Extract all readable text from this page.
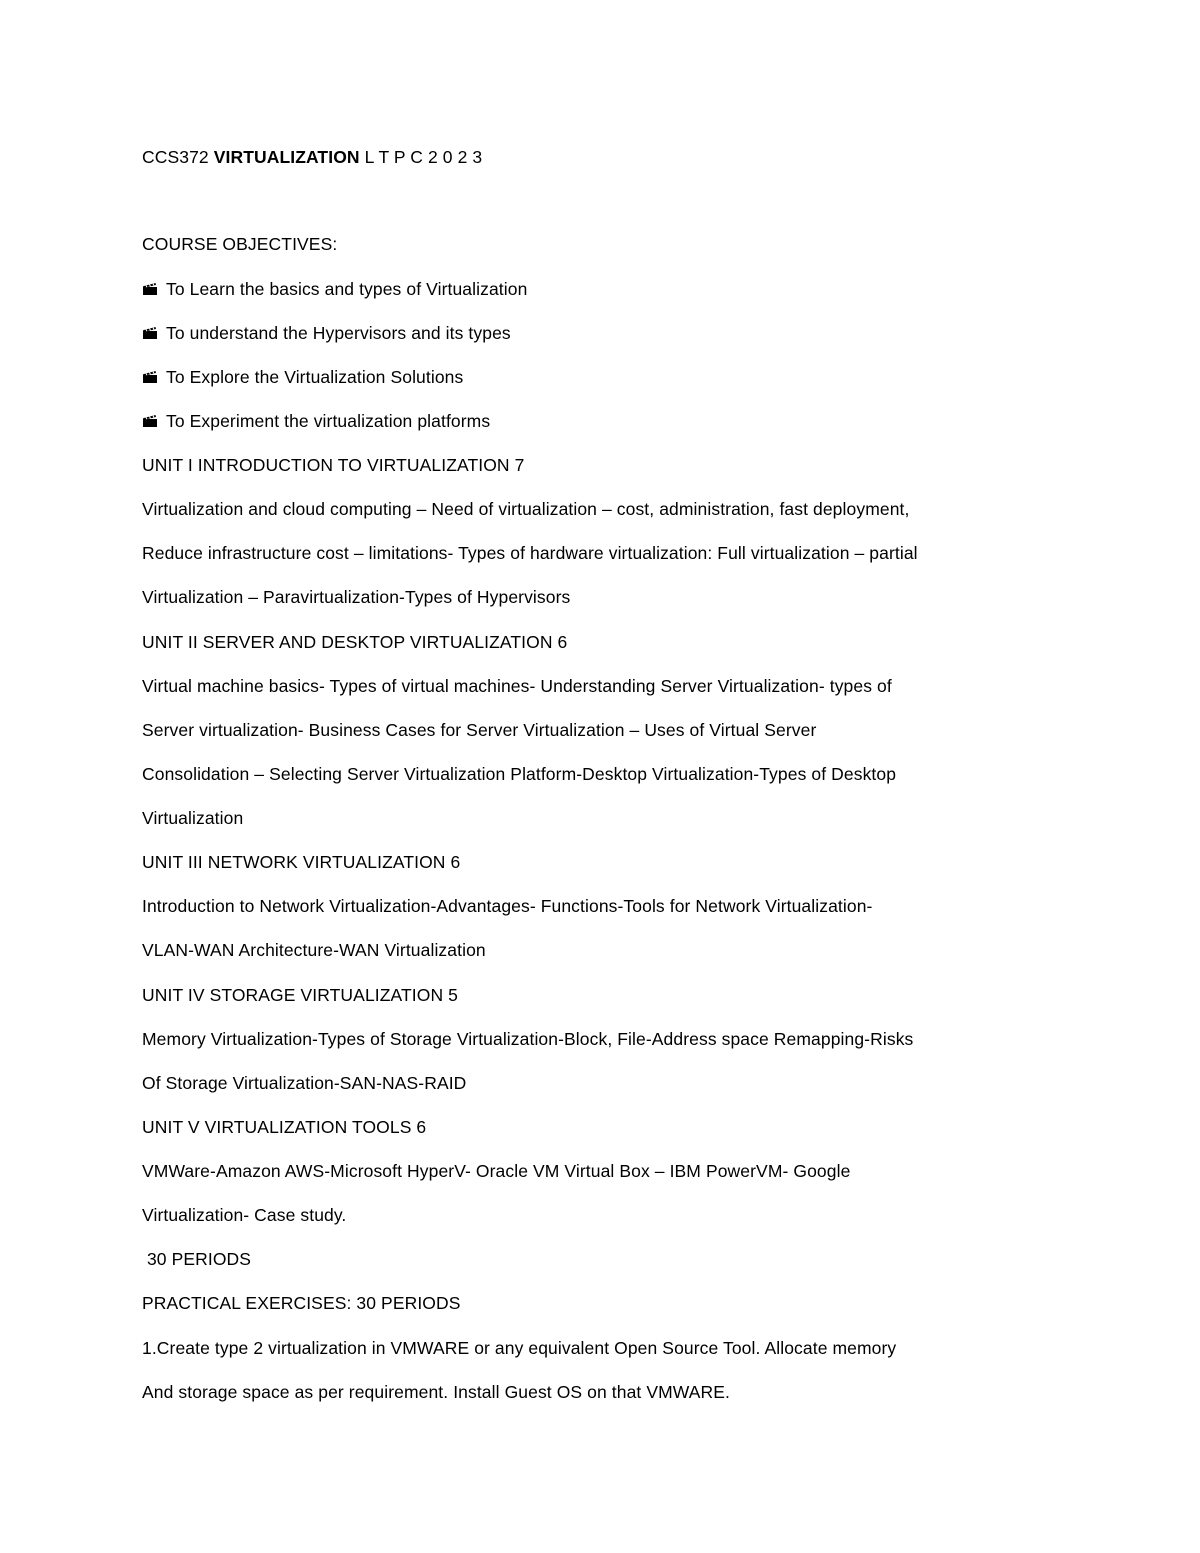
CCS372 VIRTUALIZATION L T P C 2 0 2 3
COURSE OBJECTIVES:
To Learn the basics and types of Virtualization
To understand the Hypervisors and its types
To Explore the Virtualization Solutions
To Experiment the virtualization platforms
UNIT I INTRODUCTION TO VIRTUALIZATION 7
Virtualization and cloud computing – Need of virtualization – cost, administration, fast deployment,
Reduce infrastructure cost – limitations- Types of hardware virtualization: Full virtualization – partial
Virtualization – Paravirtualization-Types of Hypervisors
UNIT II SERVER AND DESKTOP VIRTUALIZATION 6
Virtual machine basics- Types of virtual machines- Understanding Server Virtualization- types of
Server virtualization- Business Cases for Server Virtualization – Uses of Virtual Server
Consolidation – Selecting Server Virtualization Platform-Desktop Virtualization-Types of Desktop
Virtualization
UNIT III NETWORK VIRTUALIZATION 6
Introduction to Network Virtualization-Advantages- Functions-Tools for Network Virtualization-
VLAN-WAN Architecture-WAN Virtualization
UNIT IV STORAGE VIRTUALIZATION 5
Memory Virtualization-Types of Storage Virtualization-Block, File-Address space Remapping-Risks
Of Storage Virtualization-SAN-NAS-RAID
UNIT V VIRTUALIZATION TOOLS 6
VMWare-Amazon AWS-Microsoft HyperV- Oracle VM Virtual Box – IBM PowerVM- Google
Virtualization- Case study.
30 PERIODS
PRACTICAL EXERCISES: 30 PERIODS
1.Create type 2 virtualization in VMWARE or any equivalent Open Source Tool. Allocate memory
And storage space as per requirement. Install Guest OS on that VMWARE.
